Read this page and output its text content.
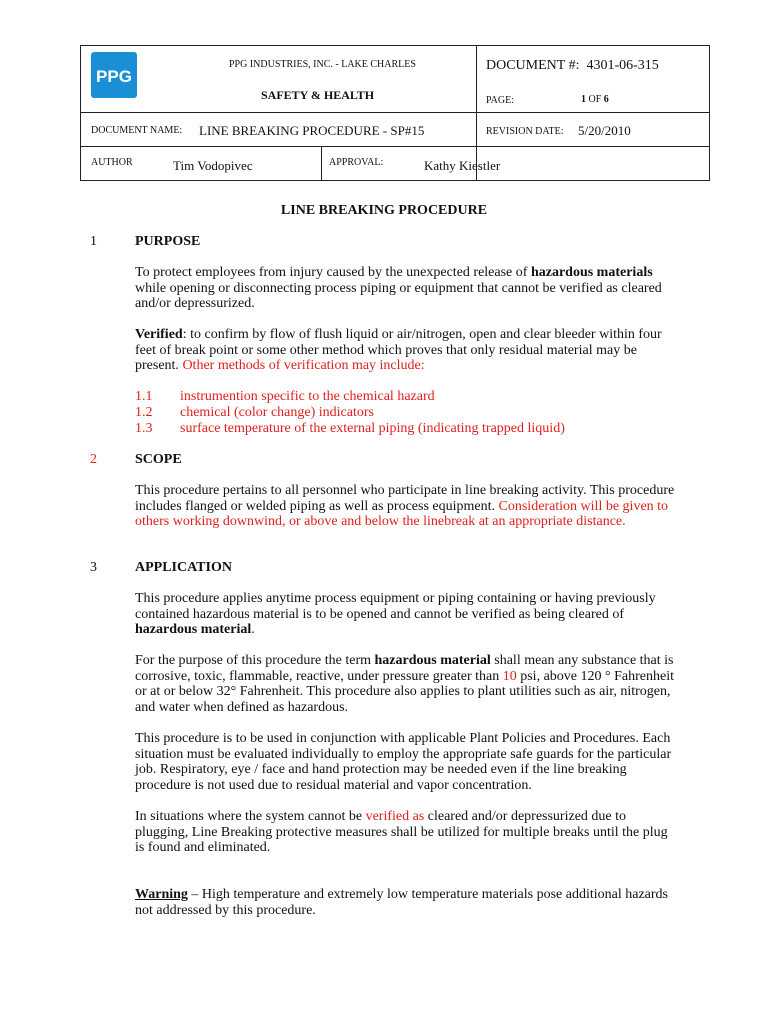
PPG
PPG INDUSTRIES, INC. - LAKE CHARLES
SAFETY & HEALTH
DOCUMENT #: 4301-06-315
PAGE:	1 OF 6
DOCUMENT NAME: LINE BREAKING PROCEDURE - SP#15	REVISION DATE: 5/20/2010
AUTHOR	Tim Vodopivec	APPROVAL:	Kathy Kiestler
LINE BREAKING PROCEDURE
1	PURPOSE

To protect employees from injury caused by the unexpected release of hazardous materials while opening or disconnecting process piping or equipment that cannot be verified as cleared and/or depressurized.

Verified: to confirm by flow of flush liquid or air/nitrogen, open and clear bleeder within four feet of break point or some other method which proves that only residual material may be present. Other methods of verification may include:

1.1 instrumention specific to the chemical hazard
1.2 chemical (color change) indicators
1.3 surface temperature of the external piping (indicating trapped liquid)
2	SCOPE

This procedure pertains to all personnel who participate in line breaking activity. This procedure includes flanged or welded piping as well as process equipment. Consideration will be given to others working downwind, or above and below the linebreak at an appropriate distance.

3	APPLICATION

This procedure applies anytime process equipment or piping containing or having previously contained hazardous material is to be opened and cannot be verified as being cleared of hazardous material.

For the purpose of this procedure the term hazardous material shall mean any substance that is corrosive, toxic, flammable, reactive, under pressure greater than 10 psi, above 120 ° Fahrenheit or at or below 32° Fahrenheit. This procedure also applies to plant utilities such as air, nitrogen, and water when defined as hazardous.

This procedure is to be used in conjunction with applicable Plant Policies and Procedures. Each situation must be evaluated individually to employ the appropriate safe guards for the particular job. Respiratory, eye / face and hand protection may be needed even if the line breaking procedure is not used due to residual material and vapor concentration.

In situations where the system cannot be verified as cleared and/or depressurized due to plugging, Line Breaking protective measures shall be utilized for multiple breaks until the plug is found and eliminated.

Warning – High temperature and extremely low temperature materials pose additional hazards not addressed by this procedure.
